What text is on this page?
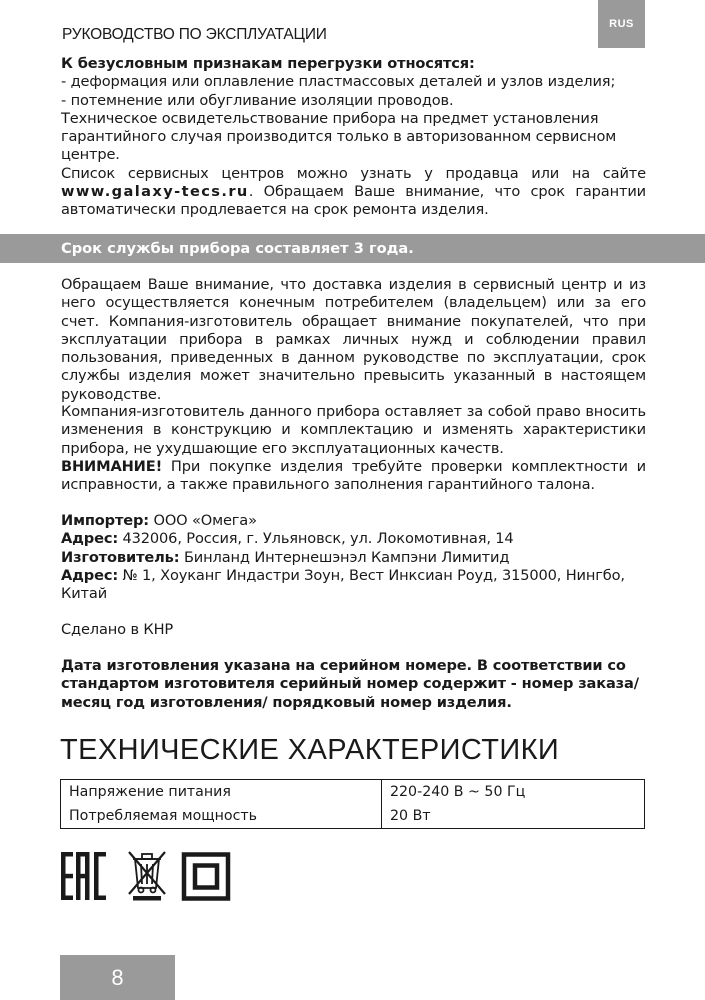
РУКОВОДСТВО ПО ЭКСПЛУАТАЦИИ
RUS

К безусловным признакам перегрузки относятся:

- деформация или оплавление пластмассовых деталей и узлов изделия;

- потемнение или обугливание изоляции проводов.

Техническое освидетельствование прибора на предмет установления гарантийного случая производится только в авторизованном сервисном центре.

Список сервисных центров можно узнать у продавца или на сайте www.galaxy-tecs.ru. Обращаем Ваше внимание, что срок гарантии автоматически продлевается на срок ремонта изделия.

Срок службы прибора составляет 3 года.

Обращаем Ваше внимание, что доставка изделия в сервисный центр и из него осуществляется конечным потребителем (владельцем) или за его счет. Компания-изготовитель обращает внимание покупателей, что при эксплуатации прибора в рамках личных нужд и соблюдении правил пользования, приведенных в данном руководстве по эксплуатации, срок службы изделия может значительно превысить указанный в настоящем руководстве.

Компания-изготовитель данного прибора оставляет за собой право вносить изменения в конструкцию и комплектацию и изменять характеристики прибора, не ухудшающие его эксплуатационных качеств.

ВНИМАНИЕ! При покупке изделия требуйте проверки комплектности и исправности, а также правильного заполнения гарантийного талона.

Импортер: ООО «Омега»

Адрес: 432006, Россия, г. Ульяновск, ул. Локомотивная, 14

Изготовитель: Бинланд Интернешэнэл Кампэни Лимитид

Адрес: № 1, Хоуканг Индастри Зоун, Вест Инксиан Роуд, 315000, Нингбо, Китай

Сделано в КНР

Дата изготовления указана на серийном номере. В соответствии со стандартом изготовителя серийный номер содержит - номер заказа/месяц год изготовления/ порядковый номер изделия.

ТЕХНИЧЕСКИЕ ХАРАКТЕРИСТИКИ
Напряжение питания	220-240 В ~ 50 Гц
Потребляемая мощность	20 Вт
8
